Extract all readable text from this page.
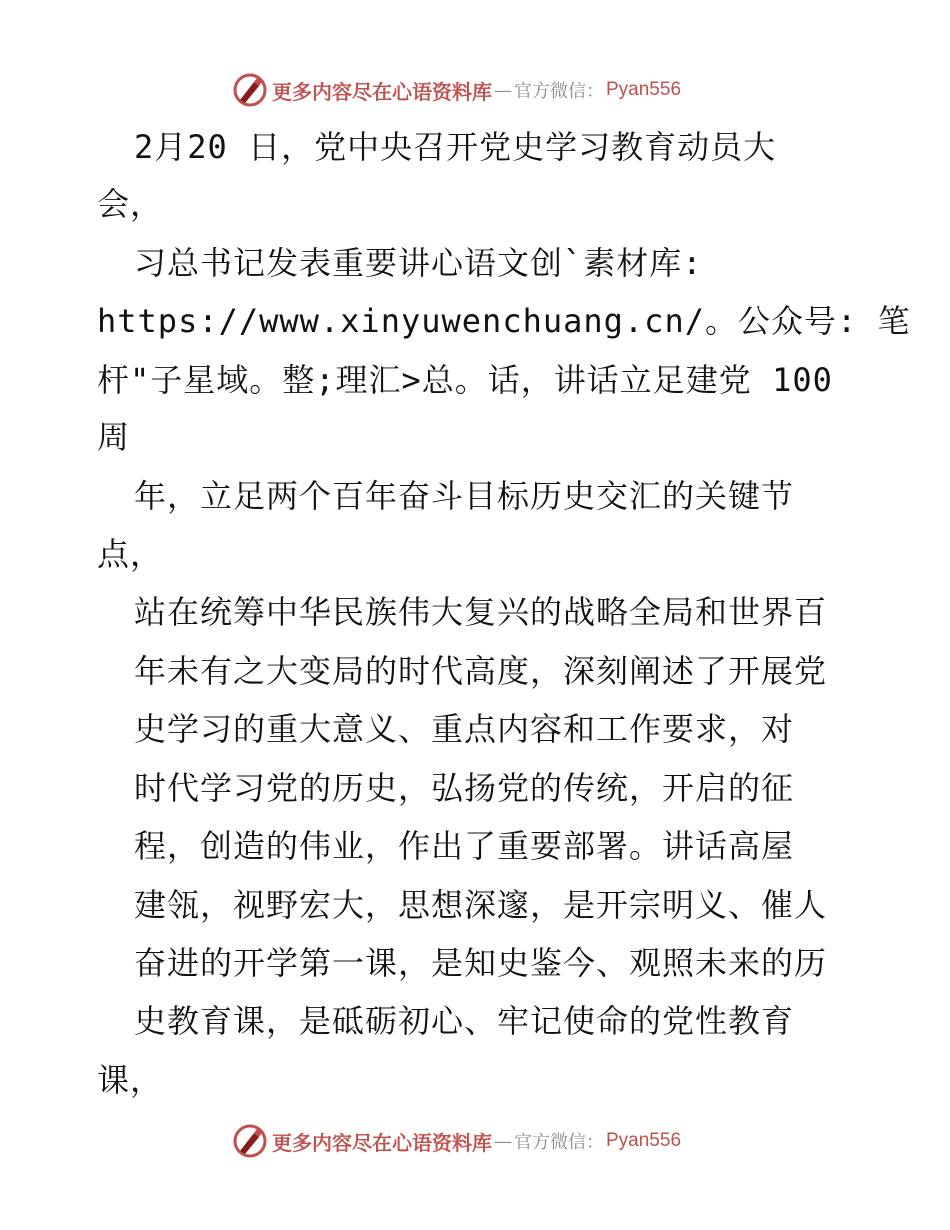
更多内容尽在心语资料库 — 官方微信： Pyan556
2月20 日，党中央召开党史学习教育动员大
会，
习总书记发表重要讲心语文创`素材库:
https://www.xinyuwenchuang.cn/。公众号: 笔
杆"子星域。整;理汇>总。话，讲话立足建党 100
周
年，立足两个百年奋斗目标历史交汇的关键节
点，
站在统筹中华民族伟大复兴的战略全局和世界百
年未有之大变局的时代高度，深刻阐述了开展党
史学习的重大意义、重点内容和工作要求，对
时代学习党的历史，弘扬党的传统，开启的征
程，创造的伟业，作出了重要部署。讲话高屋
建瓴，视野宏大，思想深邃，是开宗明义、催人
奋进的开学第一课，是知史鉴今、观照未来的历
史教育课，是砥砺初心、牢记使命的党性教育
课，
更多内容尽在心语资料库 — 官方微信： Pyan556
